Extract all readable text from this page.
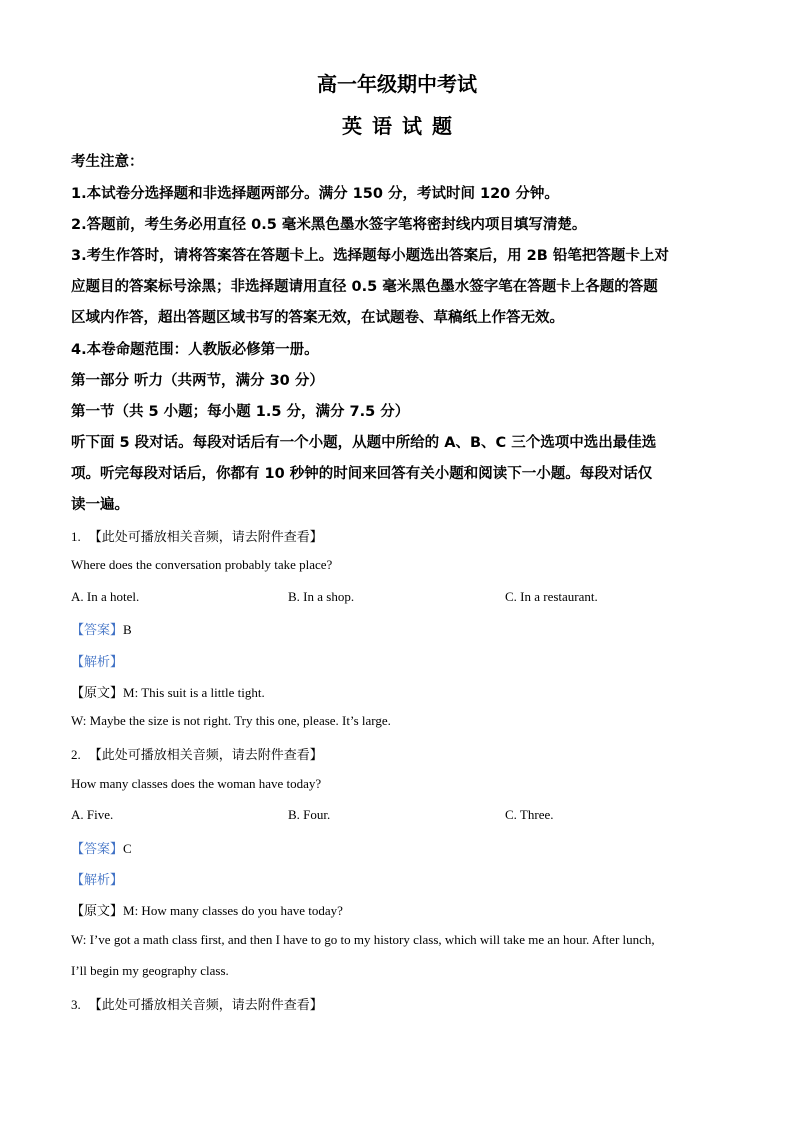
高一年级期中考试
英语试题
考生注意：
1.本试卷分选择题和非选择题两部分。满分 150 分，考试时间 120 分钟。
2.答题前，考生务必用直径 0.5 毫米黑色墨水签字笔将密封线内项目填写清楚。
3.考生作答时，请将答案答在答题卡上。选择题每小题选出答案后，用 2B 铅笔把答题卡上对
应题目的答案标号涂黑；非选择题请用直径 0.5 毫米黑色墨水签字笔在答题卡上各题的答题
区域内作答，超出答题区域书写的答案无效，在试题卷、草稿纸上作答无效。
4.本卷命题范围：人教版必修第一册。
第一部分 听力（共两节，满分 30 分）
第一节（共 5 小题；每小题 1.5 分，满分 7.5 分）
听下面 5 段对话。每段对话后有一个小题，从题中所给的 A、B、C 三个选项中选出最佳选
项。听完每段对话后，你都有 10 秒钟的时间来回答有关小题和阅读下一小题。每段对话仅
读一遍。
1. 【此处可播放相关音频，请去附件查看】
Where does the conversation probably take place?
A. In a hotel.	B. In a shop.	C. In a restaurant.
【答案】B
【解析】
【原文】M: This suit is a little tight.
W: Maybe the size is not right. Try this one, please. It’s large.
2. 【此处可播放相关音频，请去附件查看】
How many classes does the woman have today?
A. Five.	B. Four.	C. Three.
【答案】C
【解析】
【原文】M: How many classes do you have today?
W: I’ve got a math class first, and then I have to go to my history class, which will take me an hour. After lunch,
I’ll begin my geography class.
3. 【此处可播放相关音频，请去附件查看】
